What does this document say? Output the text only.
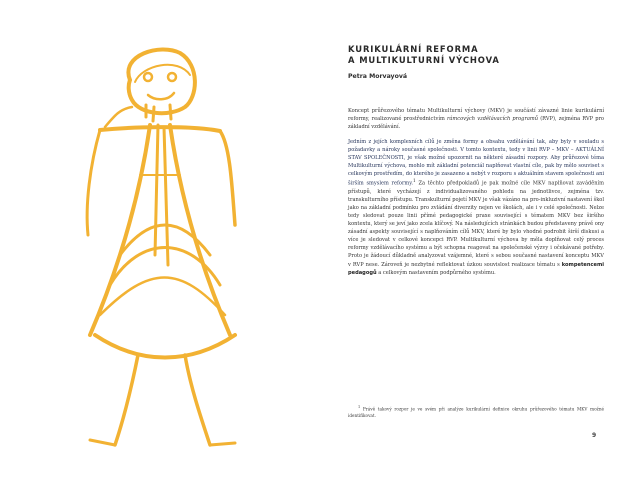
KURIKULÁRNÍ REFORMA
A MULTIKULTURNÍ VÝCHOVA
Petra Morvayová

Koncept průřezového tématu Multikulturní výchovy (MKV) je součástí závazné linie kurikulární reformy, realizované prostřednictvím rámcových vzdělávacích programů (RVP), zejména RVP pro základní vzdělávání.

Jedním z jejích komplexních cílů je změna formy a obsahu vzdělávání tak, aby byly v souladu s požadavky a nároky současné společnosti. V tomto kontextu, tedy v linii RVP – MKV – AKTUÁLNÍ STAV SPOLEČNOSTI, je však možné upozornit na některé zásadní rozpory. Aby průřezové téma Multikulturní výchova, mohlo mít základní potenciál naplňovat vlastní cíle, pak by mělo souviset s celkovým prostředím, do kterého je zasazeno a nebýt v rozporu s aktuálním stavem společnosti ani širším smyslem reformy.$^1$ Za těchto předpokladů je pak možné cíle MKV naplňovat zaváděním přístupů, které vycházejí z individualizovaného pohledu na jednotlivce, zejména tzv. transkulturního přístupu. Transkulturní pojetí MKV je však vázáno na pro-inkluzivní nastavení škol jako na základní podmínku pro zvládání diverzity nejen ve školách, ale i v celé společnosti. Nelze tedy sledovat pouze linii přímé pedagogické praxe související s tématem MKV bez širšího kontextu, který se jeví jako zcela klíčový. Na následujících stránkách budou představeny právě ony zásadní aspekty související s naplňováním cílů MKV, které by bylo vhodné podrobit širší diskusi a více je sledovat v celkové koncepci RVP. Multikulturní výchova by měla doplňovat celý proces reformy vzdělávacího systému a být schopna reagovat na společenské výzvy i očekávané potřeby. Proto je žádoucí důkladně analyzovat vzájemné, které s sebou současné nastavení konceptu MKV v RVP nese. Zároveň je nezbytné reflektovat úzkou souvislost realizace tématu s kompetencemi pedagogů a celkovým nastavením podpůrného systému.

$^1$ Právě takový rozpor je ve svém při analýze kurikulární definice okruhu průřezového tématu MKV možné identifikovat.
9
